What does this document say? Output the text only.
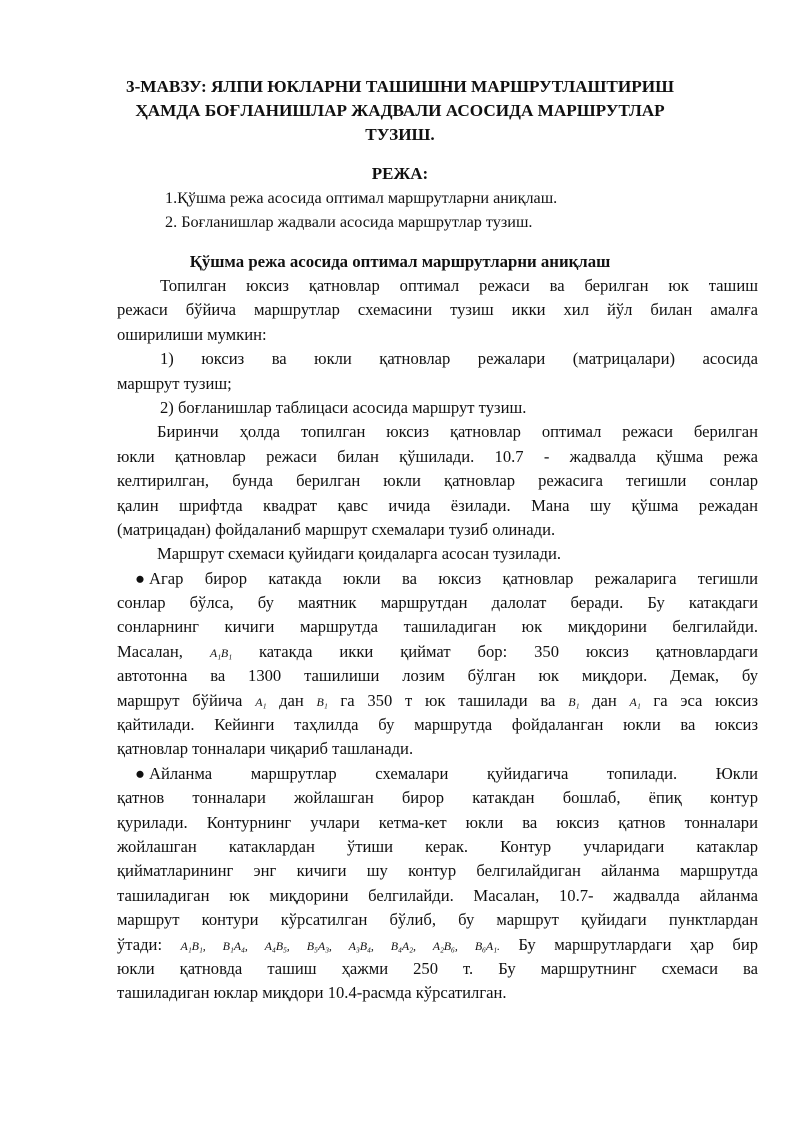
3-МАВЗУ: ЯЛПИ ЮКЛАРНИ ТАШИШНИ МАРШРУТЛАШТИРИШ
ҲАМДА БОҒЛАНИШЛАР ЖАДВАЛИ АСОСИДА МАРШРУТЛАР
ТУЗИШ.
РЕЖА:
1.Қўшма режа асосида оптимал маршрутларни аниқлаш.
2. Боғланишлар жадвали асосида маршрутлар тузиш.
Қўшма режа асосида оптимал маршрутларни аниқлаш
Топилган юксиз қатновлар оптимал режаси ва берилган юк ташиш
режаси бўйича маршрутлар схемасини тузиш икки хил йўл билан амалға
оширилиши мумкин:
1) юксиз ва юкли қатновлар режалари (матрицалари) асосида
маршрут тузиш;
2) боғланишлар таблицаси асосида маршрут тузиш.
Биринчи ҳолда топилган юксиз қатновлар оптимал режаси берилган
юкли қатновлар режаси билан қўшилади. 10.7 - жадвалда қўшма режа
келтирилган, бунда берилган юкли қатновлар режасига тегишли сонлар
қалин шрифтда квадрат қавс ичида ёзилади. Мана шу қўшма режадан
(матрицадан) фойдаланиб маршрут схемалари тузиб олинади.
Маршрут схемаси қуйидаги қоидаларга асосан тузилади.
● Агар бирор катакда юкли ва юксиз қатновлар режаларига тегишли
сонлар бўлса, бу маятник маршрутдан далолат беради. Бу катакдаги
сонларнинг кичиги маршрутда ташиладиган юк миқдорини белгилайди.
Масалан, A₁B₁ катакда икки қиймат бор: 350 юксиз қатновлардаги
автотонна ва 1300 ташилиши лозим бўлган юк миқдори. Демак, бу
маршрут бўйича A₁ дан B₁ га 350 т юк ташилади ва B₁ дан A₁ га эса юксиз
қайтилади. Кейинги таҳлилда бу маршрутда фойдаланган юкли ва юксиз
қатновлар тонналари чиқариб ташланади.
● Айланма маршрутлар схемалари қуйидагича топилади. Юкли
қатнов тонналари жойлашган бирор катакдан бошлаб, ёпиқ контур
қурилади. Контурнинг учлари кетма-кет юкли ва юксиз қатнов тонналари
жойлашган катаклардан ўтиши керак. Контур учларидаги катаклар
қийматларининг энг кичиги шу контур белгилайдиган айланма маршрутда
ташиладиган юк миқдорини белгилайди. Масалан, 10.7- жадвалда айланма
маршрут контури кўрсатилган бўлиб, бу маршрут қуйидаги пунктлардан
ўтади: A₁B₁, B₁A₄, A₄B₅, B₅A₃, A₃B₄, B₄A₂, A₂B₆, B₆A₁. Бу маршрутлардаги ҳар бир
юкли қатновда ташиш ҳажми 250 т. Бу маршрутнинг схемаси ва
ташиладиган юклар миқдори 10.4-расмда кўрсатилган.
